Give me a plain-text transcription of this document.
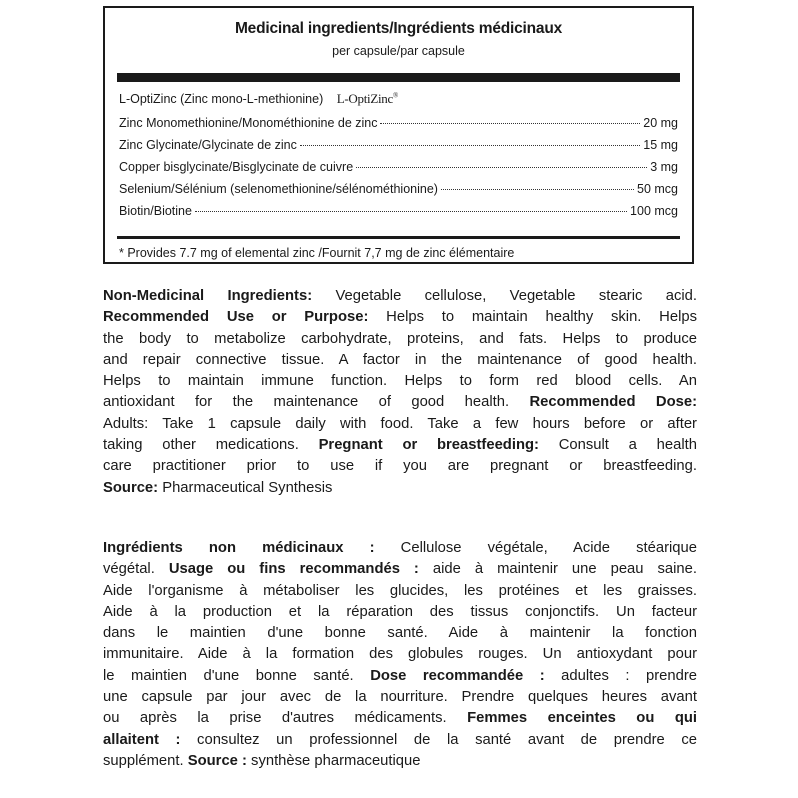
Medicinal ingredients/Ingrédients médicinaux
per capsule/par capsule
L-OptiZinc (Zinc mono-L-methionine) L-OptiZinc®
Zinc Monomethionine/Monométhionine de zinc	20 mg
Zinc Glycinate/Glycinate de zinc	15 mg
Copper bisglycinate/Bisglycinate de cuivre	3 mg
Selenium/Sélénium (selenomethionine/sélénométhionine)	50 mcg
Biotin/Biotine	100 mcg
* Provides 7.7 mg of elemental zinc /Fournit 7,7 mg de zinc élémentaire
Non-Medicinal Ingredients: Vegetable cellulose, Vegetable stearic acid.
Recommended Use or Purpose: Helps to maintain healthy skin. Helps
the body to metabolize carbohydrate, proteins, and fats. Helps to produce
and repair connective tissue. A factor in the maintenance of good health.
Helps to maintain immune function. Helps to form red blood cells. An
antioxidant for the maintenance of good health. Recommended Dose:
Adults: Take 1 capsule daily with food. Take a few hours before or after
taking other medications. Pregnant or breastfeeding: Consult a health
care practitioner prior to use if you are pregnant or breastfeeding.
Source: Pharmaceutical Synthesis
Ingrédients non médicinaux : Cellulose végétale, Acide stéarique
végétal. Usage ou fins recommandés : aide à maintenir une peau saine.
Aide l'organisme à métaboliser les glucides, les protéines et les graisses.
Aide à la production et la réparation des tissus conjonctifs. Un facteur
dans le maintien d'une bonne santé. Aide à maintenir la fonction
immunitaire. Aide à la formation des globules rouges. Un antioxydant pour
le maintien d'une bonne santé. Dose recommandée : adultes : prendre
une capsule par jour avec de la nourriture. Prendre quelques heures avant
ou après la prise d'autres médicaments. Femmes enceintes ou qui
allaitent : consultez un professionnel de la santé avant de prendre ce
supplément. Source : synthèse pharmaceutique
